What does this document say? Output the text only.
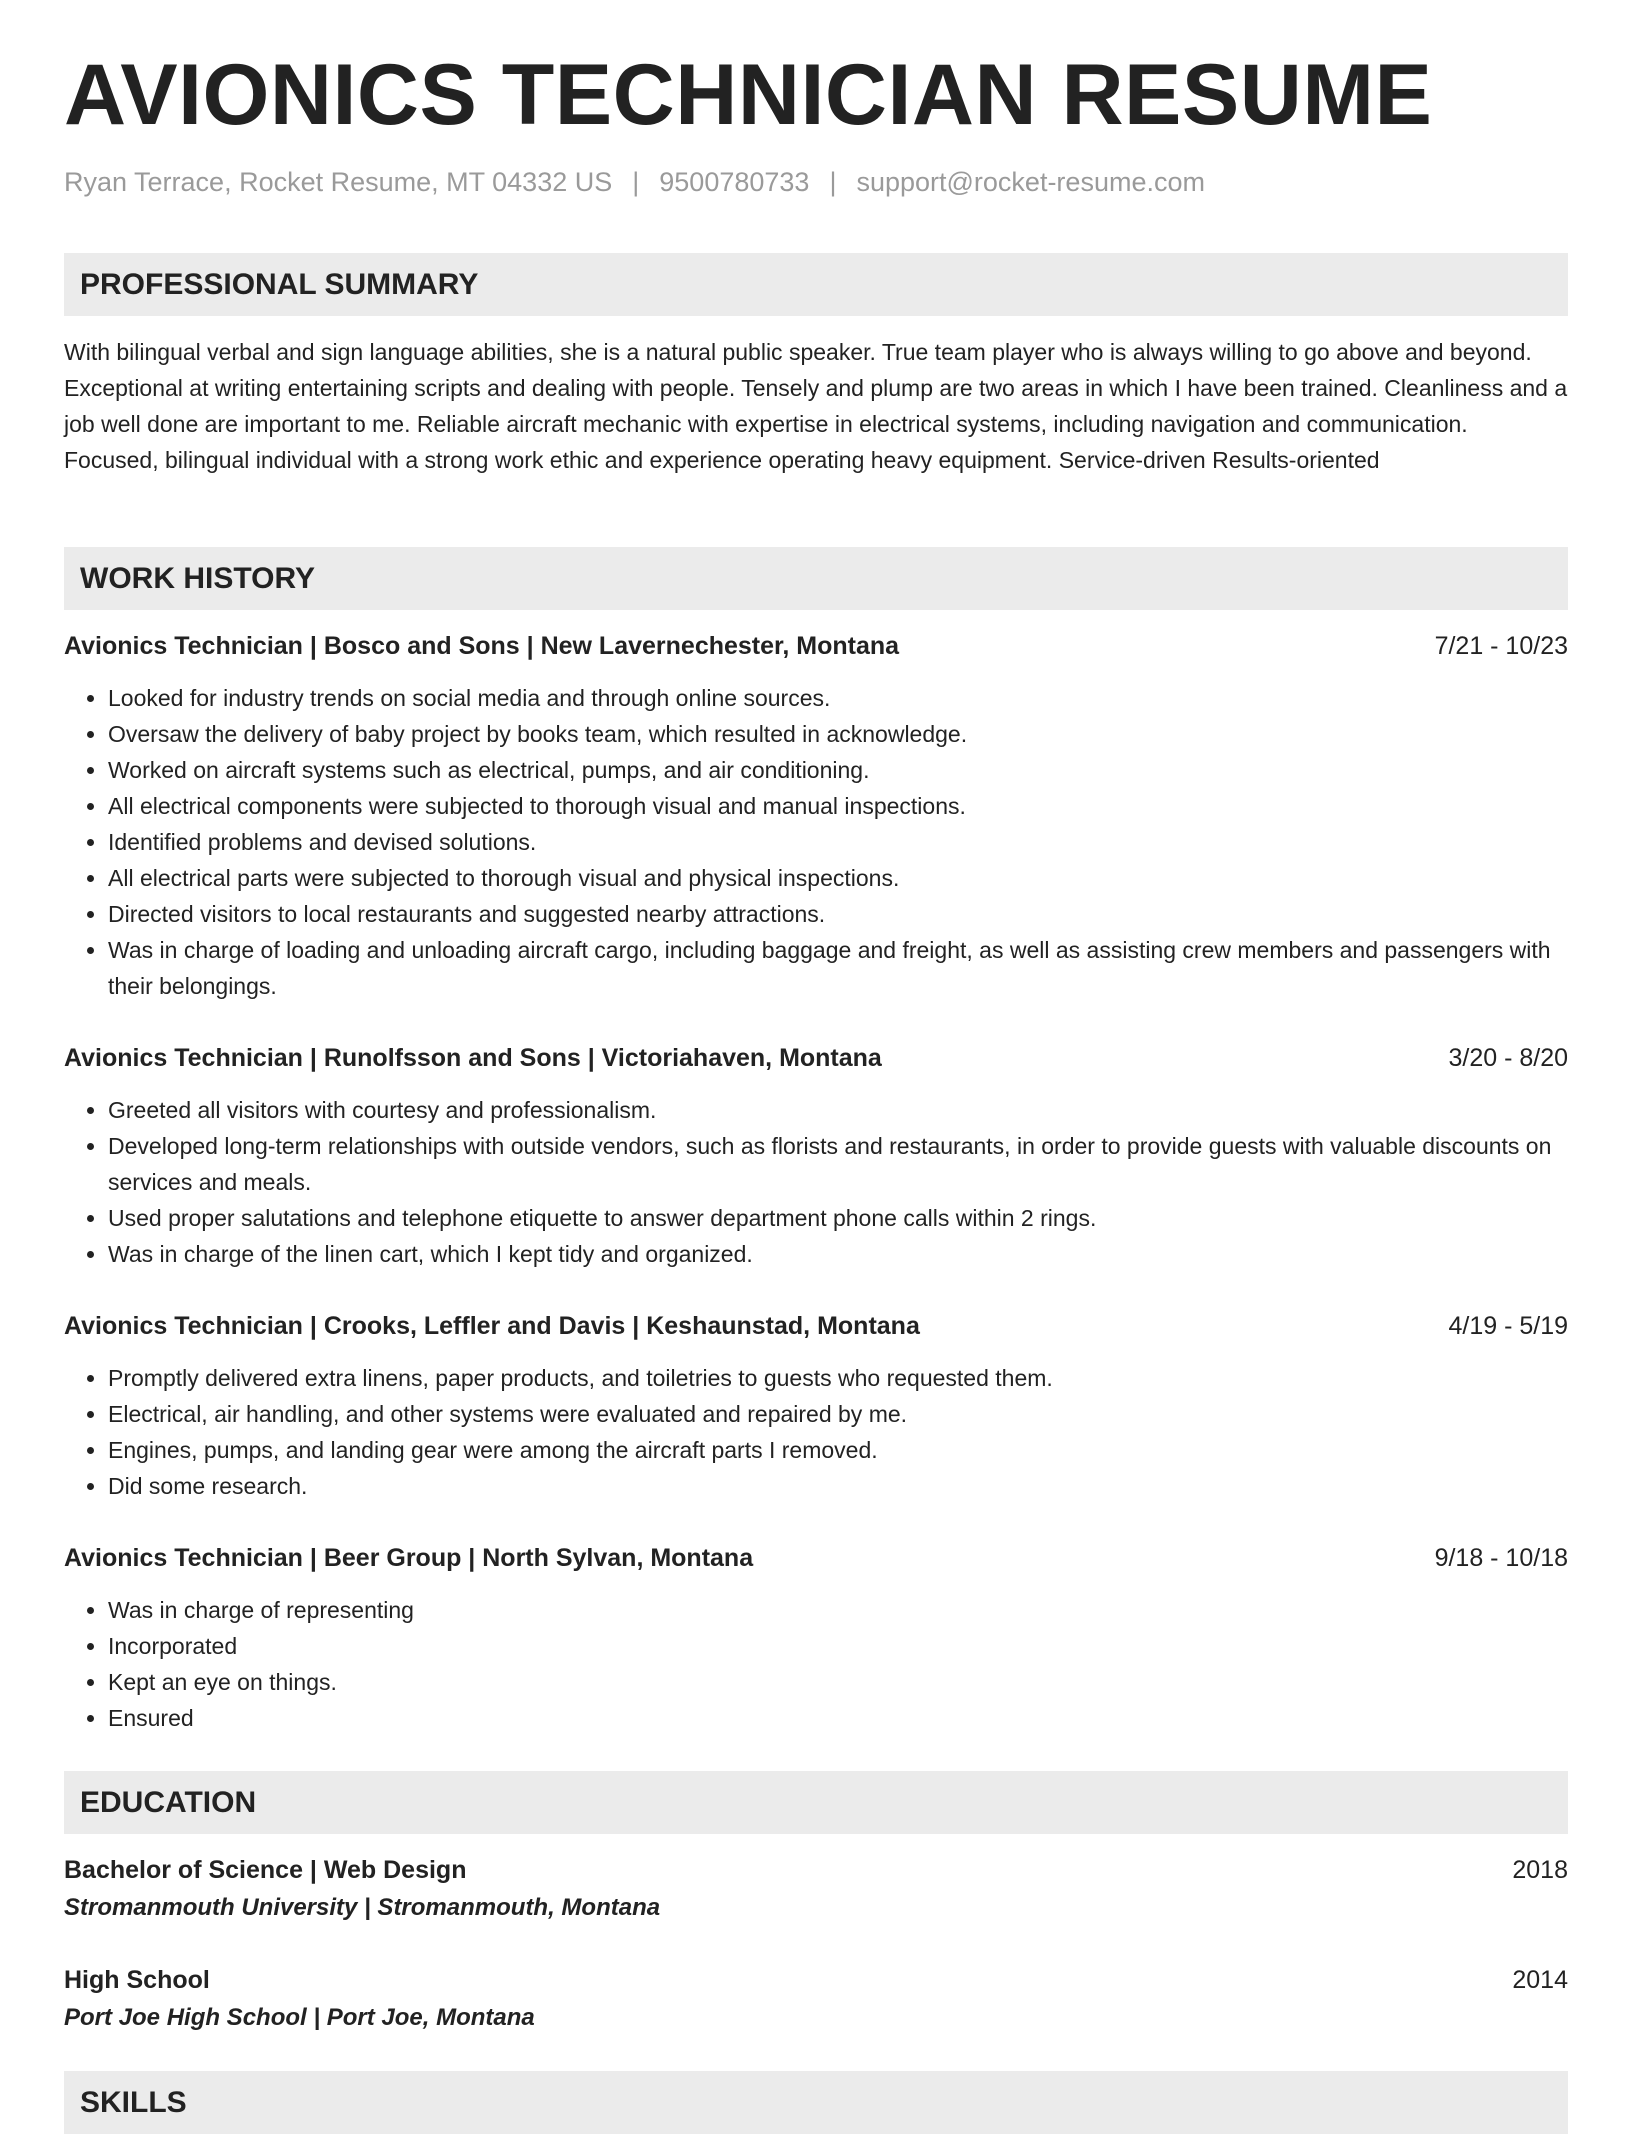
AVIONICS TECHNICIAN RESUME
Ryan Terrace, Rocket Resume, MT 04332 US | 9500780733 | support@rocket-resume.com
PROFESSIONAL SUMMARY

With bilingual verbal and sign language abilities, she is a natural public speaker. True team player who is always willing to go above and beyond. Exceptional at writing entertaining scripts and dealing with people. Tensely and plump are two areas in which I have been trained. Cleanliness and a job well done are important to me. Reliable aircraft mechanic with expertise in electrical systems, including navigation and communication. Focused, bilingual individual with a strong work ethic and experience operating heavy equipment. Service-driven Results-oriented

WORK HISTORY
Avionics Technician | Bosco and Sons | New Lavernechester, Montana	7/21 - 10/23
• Looked for industry trends on social media and through online sources.
• Oversaw the delivery of baby project by books team, which resulted in acknowledge.
• Worked on aircraft systems such as electrical, pumps, and air conditioning.
• All electrical components were subjected to thorough visual and manual inspections.
• Identified problems and devised solutions.
• All electrical parts were subjected to thorough visual and physical inspections.
• Directed visitors to local restaurants and suggested nearby attractions.
• Was in charge of loading and unloading aircraft cargo, including baggage and freight, as well as assisting crew members and passengers with their belongings.
Avionics Technician | Runolfsson and Sons | Victoriahaven, Montana	3/20 - 8/20
• Greeted all visitors with courtesy and professionalism.
• Developed long-term relationships with outside vendors, such as florists and restaurants, in order to provide guests with valuable discounts on services and meals.
• Used proper salutations and telephone etiquette to answer department phone calls within 2 rings.
• Was in charge of the linen cart, which I kept tidy and organized.
Avionics Technician | Crooks, Leffler and Davis | Keshaunstad, Montana	4/19 - 5/19
• Promptly delivered extra linens, paper products, and toiletries to guests who requested them.
• Electrical, air handling, and other systems were evaluated and repaired by me.
• Engines, pumps, and landing gear were among the aircraft parts I removed.
• Did some research.
Avionics Technician | Beer Group | North Sylvan, Montana	9/18 - 10/18
• Was in charge of representing
• Incorporated
• Kept an eye on things.
• Ensured
EDUCATION
Bachelor of Science | Web Design	2018
Stromanmouth University | Stromanmouth, Montana
High School	2014
Port Joe High School | Port Joe, Montana
SKILLS
